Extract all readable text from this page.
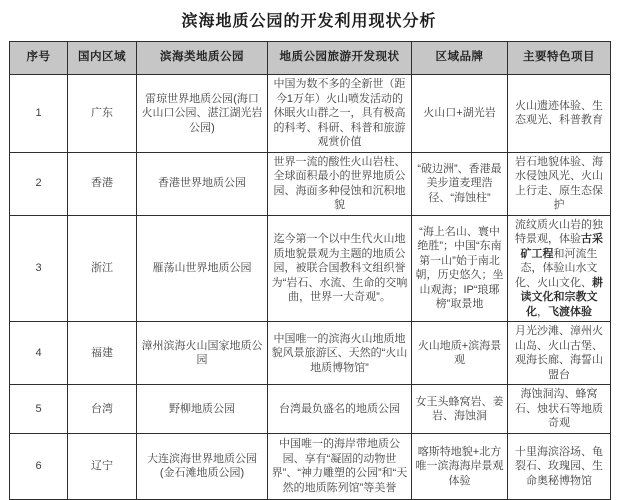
滨海地质公园的开发利用现状分析
序号	国内区域	滨海类地质公园	地质公园旅游开发现状	区域品牌	主要特色项目
1	广东	雷琼世界地质公园(海口火山口公园、湛江湖光岩公园)	中国为数不多的全新世（距今1万年）火山喷发活动的休眠火山群之一，具有极高的科考、科研、科普和旅游观赏价值	火山口+湖光岩	火山遗迹体验、生态观光、科普教育
2	香港	香港世界地质公园	世界一流的酸性火山岩柱、全球面积最小的世界地质公园、海面多种侵蚀和沉积地貌	“破边洲”、香港最美步道麦理浩径、“海蚀柱”	岩石地貌体验、海水侵蚀风光、火山上行走、原生态保护
3	浙江	雁荡山世界地质公园	迄今第一个以中生代火山地质地貌景观为主题的地质公园，被联合国教科文组织誉为“岩石、水流、生命的交响曲，世界一大奇观”。	“海上名山、寰中绝胜”；中国“东南第一山”始于南北朝，历史悠久；坐山观海；IP“琅琊榜”取景地	流纹质火山岩的独特景观，体验古采矿工程和河流生态，体验山水文化、火山文化、耕读文化和宗教文化，飞渡体验
4	福建	漳州滨海火山国家地质公园	中国唯一的滨海火山地质地貌风景旅游区、天然的“火山地质博物馆”	火山地质+滨海景观	月光沙滩、漳州火山岛、火山古堡、观海长廊、海誓山盟台
5	台湾	野柳地质公园	台湾最负盛名的地质公园	女王头蜂窝岩、姜岩、海蚀洞	海蚀洞沟、蜂窝石、烛状石等地质奇观
6	辽宁	大连滨海世界地质公园(金石滩地质公园)	中国唯一的海岸带地质公园、享有“凝固的动物世界”、“神力雕塑的公园”和“天然的地质陈列馆”等美誉	喀斯特地貌+北方唯一滨海海岸景观体验	十里海滨浴场、龟裂石、玫瑰园、生命奥秘博物馆
